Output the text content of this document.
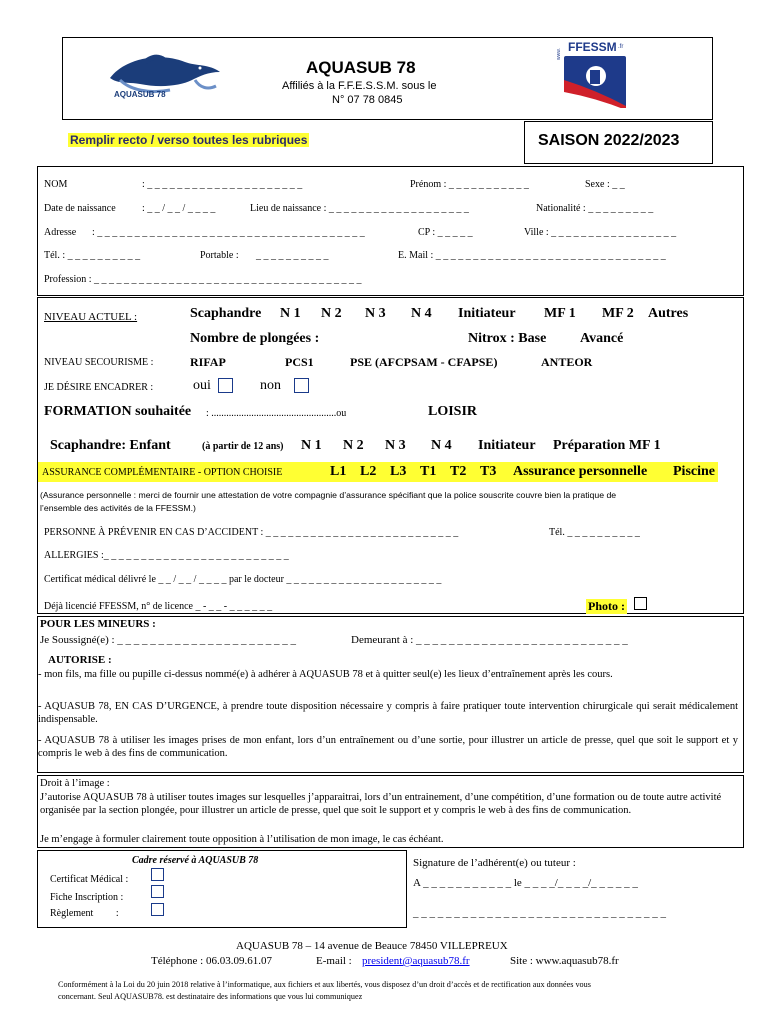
AQUASUB 78
AQUASUB 78
Affiliés à la F.F.E.S.S.M. sous le
N° 07 78 0845
FFESSM .fr
www.
Remplir recto / verso toutes les rubriques	SAISON 2022/2023
NOM	: _ _ _ _ _ _ _ _ _ _ _ _ _ _ _ _ _ _ _ _ _	Prénom : _ _ _ _ _ _ _ _ _ _ _	Sexe : _ _
Date de naissance	: _ _ / _ _ / _ _ _ _	Lieu de naissance : _ _ _ _ _ _ _ _ _ _ _ _ _ _ _ _ _ _ _	Nationalité : _ _ _ _ _ _ _ _ _
Adresse : _ _ _ _ _ _ _ _ _ _ _ _ _ _ _ _ _ _ _ _ _ _ _ _ _ _ _ _ _ _ _ _ _ _ _ _	CP : _ _ _ _ _	Ville : _ _ _ _ _ _ _ _ _ _ _ _ _ _ _ _ _
Tél. : _ _ _ _ _ _ _ _ _ _	Portable : _ _ _ _ _ _ _ _ _ _	E. Mail : _ _ _ _ _ _ _ _ _ _ _ _ _ _ _ _ _ _ _ _ _ _ _ _ _ _ _ _ _ _ _
Profession : _ _ _ _ _ _ _ _ _ _ _ _ _ _ _ _ _ _ _ _ _ _ _ _ _ _ _ _ _ _ _ _ _ _ _ _
NIVEAU ACTUEL :	Scaphandre N 1 N 2 N 3 N 4 Initiateur MF 1 MF 2 Autres
Nombre de plongées :	Nitrox : Base Avancé
NIVEAU SECOURISME :	RIFAP	PCS1	PSE (AFCPSAM - CFAPSE)	ANTEOR
JE DÉSIRE ENCADRER :	oui	non
FORMATION souhaitée : ..................................................ou	LOISIR
Scaphandre: Enfant	(à partir de 12 ans) N 1 N 2 N 3 N 4 Initiateur Préparation MF 1
ASSURANCE COMPLÉMENTAIRE - OPTION CHOISIE	L1 L2 L3 T1 T2 T3 Assurance personnelle Piscine
(Assurance personnelle : merci de fournir une attestation de votre compagnie d’assurance spécifiant que la police souscrite couvre bien la pratique de
l’ensemble des activités de la FFESSM.)
PERSONNE À PRÉVENIR EN CAS D’ACCIDENT : _ _ _ _ _ _ _ _ _ _ _ _ _ _ _ _ _ _ _ _ _ _ _ _ _ _	Tél. _ _ _ _ _ _ _ _ _ _
ALLERGIES :_ _ _ _ _ _ _ _ _ _ _ _ _ _ _ _ _ _ _ _ _ _ _ _ _
Certificat médical délivré le _ _ / _ _ / _ _ _ _ par le docteur _ _ _ _ _ _ _ _ _ _ _ _ _ _ _ _ _ _ _ _ _
Déjà licencié FFESSM, n° de licence _ - _ _ - _ _ _ _ _ _	Photo :
POUR LES MINEURS :
Je Soussigné(e) : _ _ _ _ _ _ _ _ _ _ _ _ _ _ _ _ _ _ _ _ _ _	Demeurant à : _ _ _ _ _ _ _ _ _ _ _ _ _ _ _ _ _ _ _ _ _ _ _ _ _ _
AUTORISE :
- mon fils, ma fille ou pupille ci-dessus nommé(e) à adhérer à AQUASUB 78 et à quitter seul(e) les lieux d’entraînement après les cours.
- AQUASUB 78, EN CAS D’URGENCE, à prendre toute disposition nécessaire y compris à faire pratiquer toute intervention chirurgicale qui serait médicalement indispensable.
- AQUASUB 78 à utiliser les images prises de mon enfant, lors d’un entraînement ou d’une sortie, pour illustrer un article de presse, quel que soit le support et y compris le web à des fins de communication.
Droit à l’image :
J’autorise AQUASUB 78 à utiliser toutes images sur lesquelles j’apparaitrai, lors d’un entrainement, d’une compétition, d’une formation ou de toute autre activité organisée par la section plongée, pour illustrer un article de presse, quel que soit le support et y compris le web à des fins de communication.
Je m’engage à formuler clairement toute opposition à l’utilisation de mon image, le cas échéant.
Cadre réservé à AQUASUB 78
Certificat Médical :
Fiche Inscription :
Règlement         :
Signature de l’adhérent(e) ou tuteur :
A _ _ _ _ _ _ _ _ _ _ _ le _ _ _ _/_ _ _ _/_ _ _ _ _ _
_ _ _ _ _ _ _ _ _ _ _ _ _ _ _ _ _ _ _ _ _ _ _ _ _ _ _ _ _ _ _
AQUASUB 78 – 14 avenue de Beauce 78450 VILLEPREUX
Téléphone : 06.03.09.61.07	E-mail : president@aquasub78.fr	Site : www.aquasub78.fr
Conformément à la Loi du 20 juin 2018 relative à l’informatique, aux fichiers et aux libertés, vous disposez d’un droit d’accès et de rectification aux données vous
concernant. Seul AQUASUB78. est destinataire des informations que vous lui communiquez
